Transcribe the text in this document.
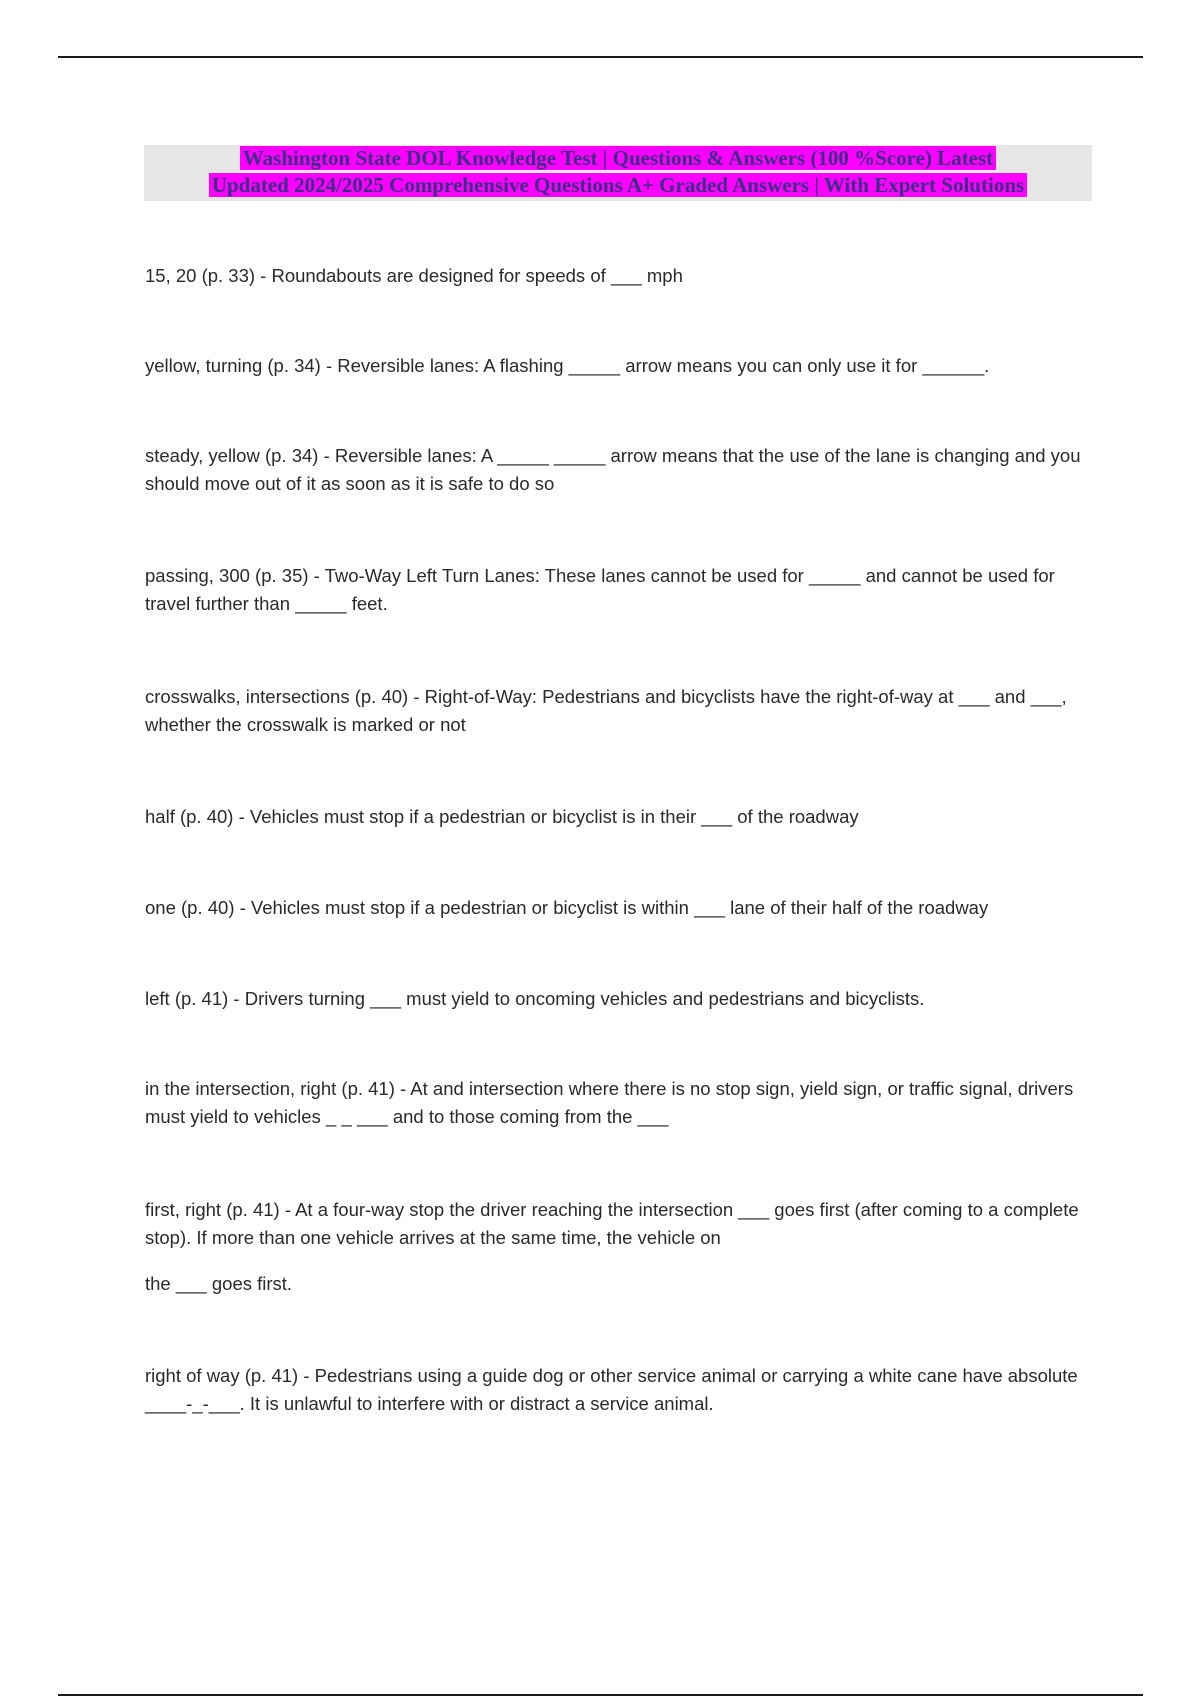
Washington State DOL Knowledge Test | Questions & Answers (100 %Score) Latest
Updated 2024/2025 Comprehensive Questions A+ Graded Answers | With Expert Solutions

15, 20 (p. 33) - Roundabouts are designed for speeds of ___ mph

yellow, turning (p. 34) - Reversible lanes: A flashing _____ arrow means you can only use it for ______.

steady, yellow (p. 34) - Reversible lanes: A _____ _____ arrow means that the use of the lane is changing and you should move out of it as soon as it is safe to do so

passing, 300 (p. 35) - Two-Way Left Turn Lanes: These lanes cannot be used for _____ and cannot be used for travel further than _____ feet.

crosswalks, intersections (p. 40) - Right-of-Way: Pedestrians and bicyclists have the right-of-way at ___ and ___, whether the crosswalk is marked or not

half (p. 40) - Vehicles must stop if a pedestrian or bicyclist is in their ___ of the roadway

one (p. 40) - Vehicles must stop if a pedestrian or bicyclist is within ___ lane of their half of the roadway

left (p. 41) - Drivers turning ___ must yield to oncoming vehicles and pedestrians and bicyclists.

in the intersection, right (p. 41) - At and intersection where there is no stop sign, yield sign, or traffic signal, drivers must yield to vehicles _ _ ___ and to those coming from the ___

first, right (p. 41) - At a four-way stop the driver reaching the intersection ___ goes first (after coming to a complete stop). If more than one vehicle arrives at the same time, the vehicle on

the ___ goes first.

right of way (p. 41) - Pedestrians using a guide dog or other service animal or carrying a white cane have absolute ____-_-___. It is unlawful to interfere with or distract a service animal.
